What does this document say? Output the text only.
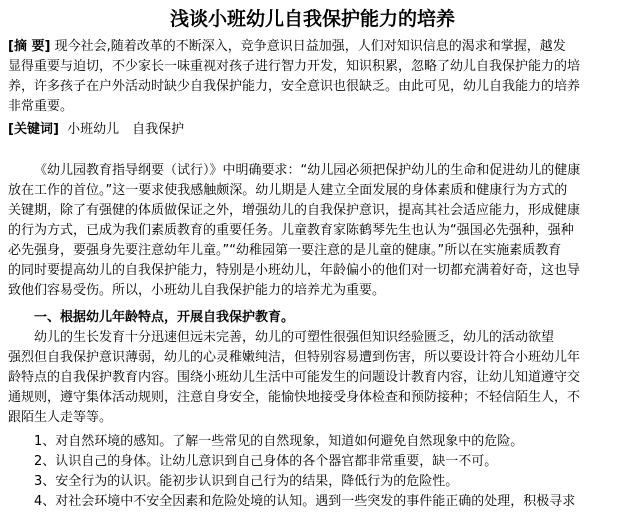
浅谈小班幼儿自我保护能力的培养
[摘 要] 现今社会,随着改革的不断深入，竞争意识日益加强，人们对知识信息的渴求和掌握，越发
显得重要与迫切，不少家长一味重视对孩子进行智力开发，知识积累，忽略了幼儿自我保护能力的培
养，许多孩子在户外活动时缺少自我保护能力，安全意识也很缺乏。由此可见，幼儿自我能力的培养
非常重要。
[关键词] 小班幼儿　自我保护
《幼儿园教育指导纲要（试行）》中明确要求：“幼儿园必须把保护幼儿的生命和促进幼儿的健康
放在工作的首位。”这一要求使我感触颇深。幼儿期是人建立全面发展的身体素质和健康行为方式的
关键期，除了有强健的体质做保证之外，增强幼儿的自我保护意识，提高其社会适应能力，形成健康
的行为方式，已成为我们素质教育的重要任务。儿童教育家陈鹤琴先生也认为“强国必先强种，强种
必先强身，要强身先要注意幼年儿童。”“幼稚园第一要注意的是儿童的健康。”所以在实施素质教育
的同时要提高幼儿的自我保护能力，特别是小班幼儿，年龄偏小的他们对一切都充满着好奇，这也导
致他们容易受伤。所以，小班幼儿自我保护能力的培养尤为重要。
一、根据幼儿年龄特点，开展自我保护教育。
幼儿的生长发育十分迅速但远未完善，幼儿的可塑性很强但知识经验匮乏，幼儿的活动欲望
强烈但自我保护意识薄弱，幼儿的心灵稚嫩纯洁，但特别容易遭到伤害，所以要设计符合小班幼儿年
龄特点的自我保护教育内容。围绕小班幼儿生活中可能发生的问题设计教育内容，让幼儿知道遵守交
通规则，遵守集体活动规则，注意自身安全，能愉快地接受身体检查和预防接种；不轻信陌生人，不
跟陌生人走等等。
1、对自然环境的感知。了解一些常见的自然现象，知道如何避免自然现象中的危险。
2、认识自己的身体。让幼儿意识到自己身体的各个器官都非常重要，缺一不可。
3、安全行为的认识。能初步认识到自己行为的结果，降低行为的危险性。
4、对社会环境中不安全因素和危险处境的认知。遇到一些突发的事件能正确的处理，积极寻求
